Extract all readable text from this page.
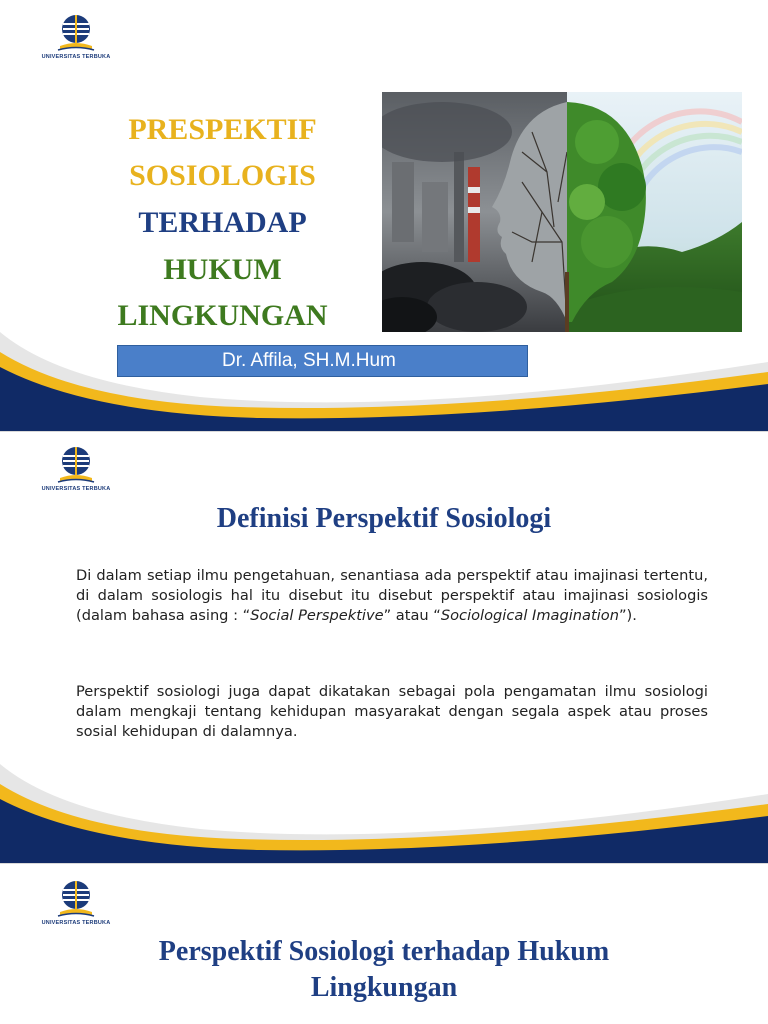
UNIVERSITAS TERBUKA
PRESPEKTIF
SOSIOLOGIS
TERHADAP
HUKUM
LINGKUNGAN
Dr. Affila, SH.M.Hum
UNIVERSITAS TERBUKA
Definisi Perspektif Sosiologi
Di dalam setiap ilmu pengetahuan, senantiasa ada perspektif atau imajinasi tertentu, di dalam sosiologis hal itu disebut itu disebut perspektif atau imajinasi sosiologis (dalam bahasa asing : “Social Perspektive” atau “Sociological Imagination”).
Perspektif sosiologi juga dapat dikatakan sebagai pola pengamatan ilmu sosiologi dalam mengkaji tentang kehidupan masyarakat dengan segala aspek atau proses sosial kehidupan di dalamnya.
UNIVERSITAS TERBUKA
Perspektif Sosiologi terhadap Hukum
Lingkungan
